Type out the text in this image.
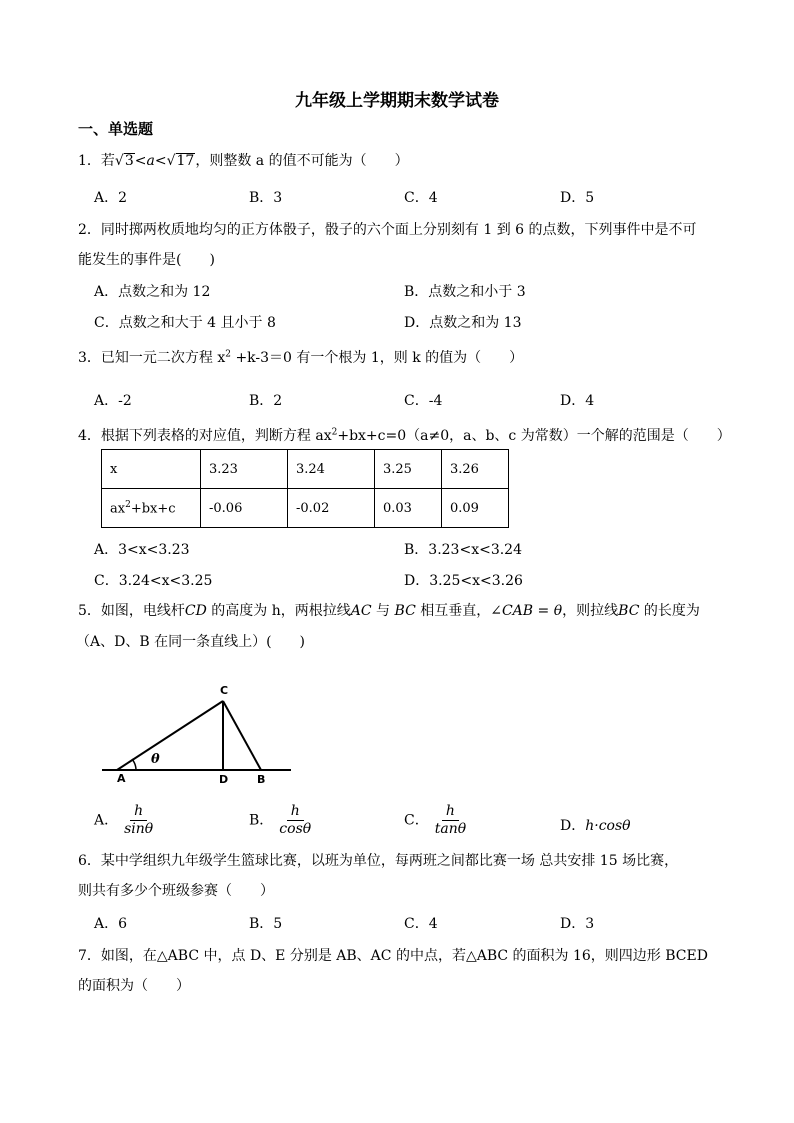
九年级上学期期末数学试卷
一、单选题
1．若√3<a<√17，则整数 a 的值不可能为（　　）
A．2	B．3	C．4	D．5
2．同时掷两枚质地均匀的正方体骰子，骰子的六个面上分别刻有 1 到 6 的点数，下列事件中是不可
能发生的事件是(　　)
A．点数之和为 12	B．点数之和小于 3
C．点数之和大于 4 且小于 8	D．点数之和为 13
3．已知一元二次方程 $x^2 +k-3=0$ 有一个根为 1，则 k 的值为（　　）
A．-2	B．2	C．-4	D．4
4．根据下列表格的对应值，判断方程 $ax^2+bx+c=0(a\ne 0$，a、b、c 为常数）一个解的范围是（　　）
x	3.23	3.24	3.25	3.26
$ax^2+bx+c$	-0.06	-0.02	0.03	0.09
A．3<x<3.23	B．3.23<x<3.24
C．3.24<x<3.25	D．3.25<x<3.26
5．如图，电线杆CD 的高度为 h，两根拉线AC 与 BC 相互垂直，∠CAB = θ，则拉线BC 的长度为
（A、D、B 在同一条直线上）(　　)
C
A	D	B
θ
A． $\frac{h}{\sin\theta}$	B． $\frac{h}{\cos\theta}$	C． $\frac{h}{\tan\theta}$	D．h·cosθ
6．某中学组织九年级学生篮球比赛，以班为单位，每两班之间都比赛一场 总共安排 15 场比赛，
则共有多少个班级参赛（　　）
A．6	B．5	C．4	D．3
7．如图，在△ABC 中，点 D、E 分别是 AB、AC 的中点，若△ABC 的面积为 16，则四边形 BCED
的面积为（　　）
